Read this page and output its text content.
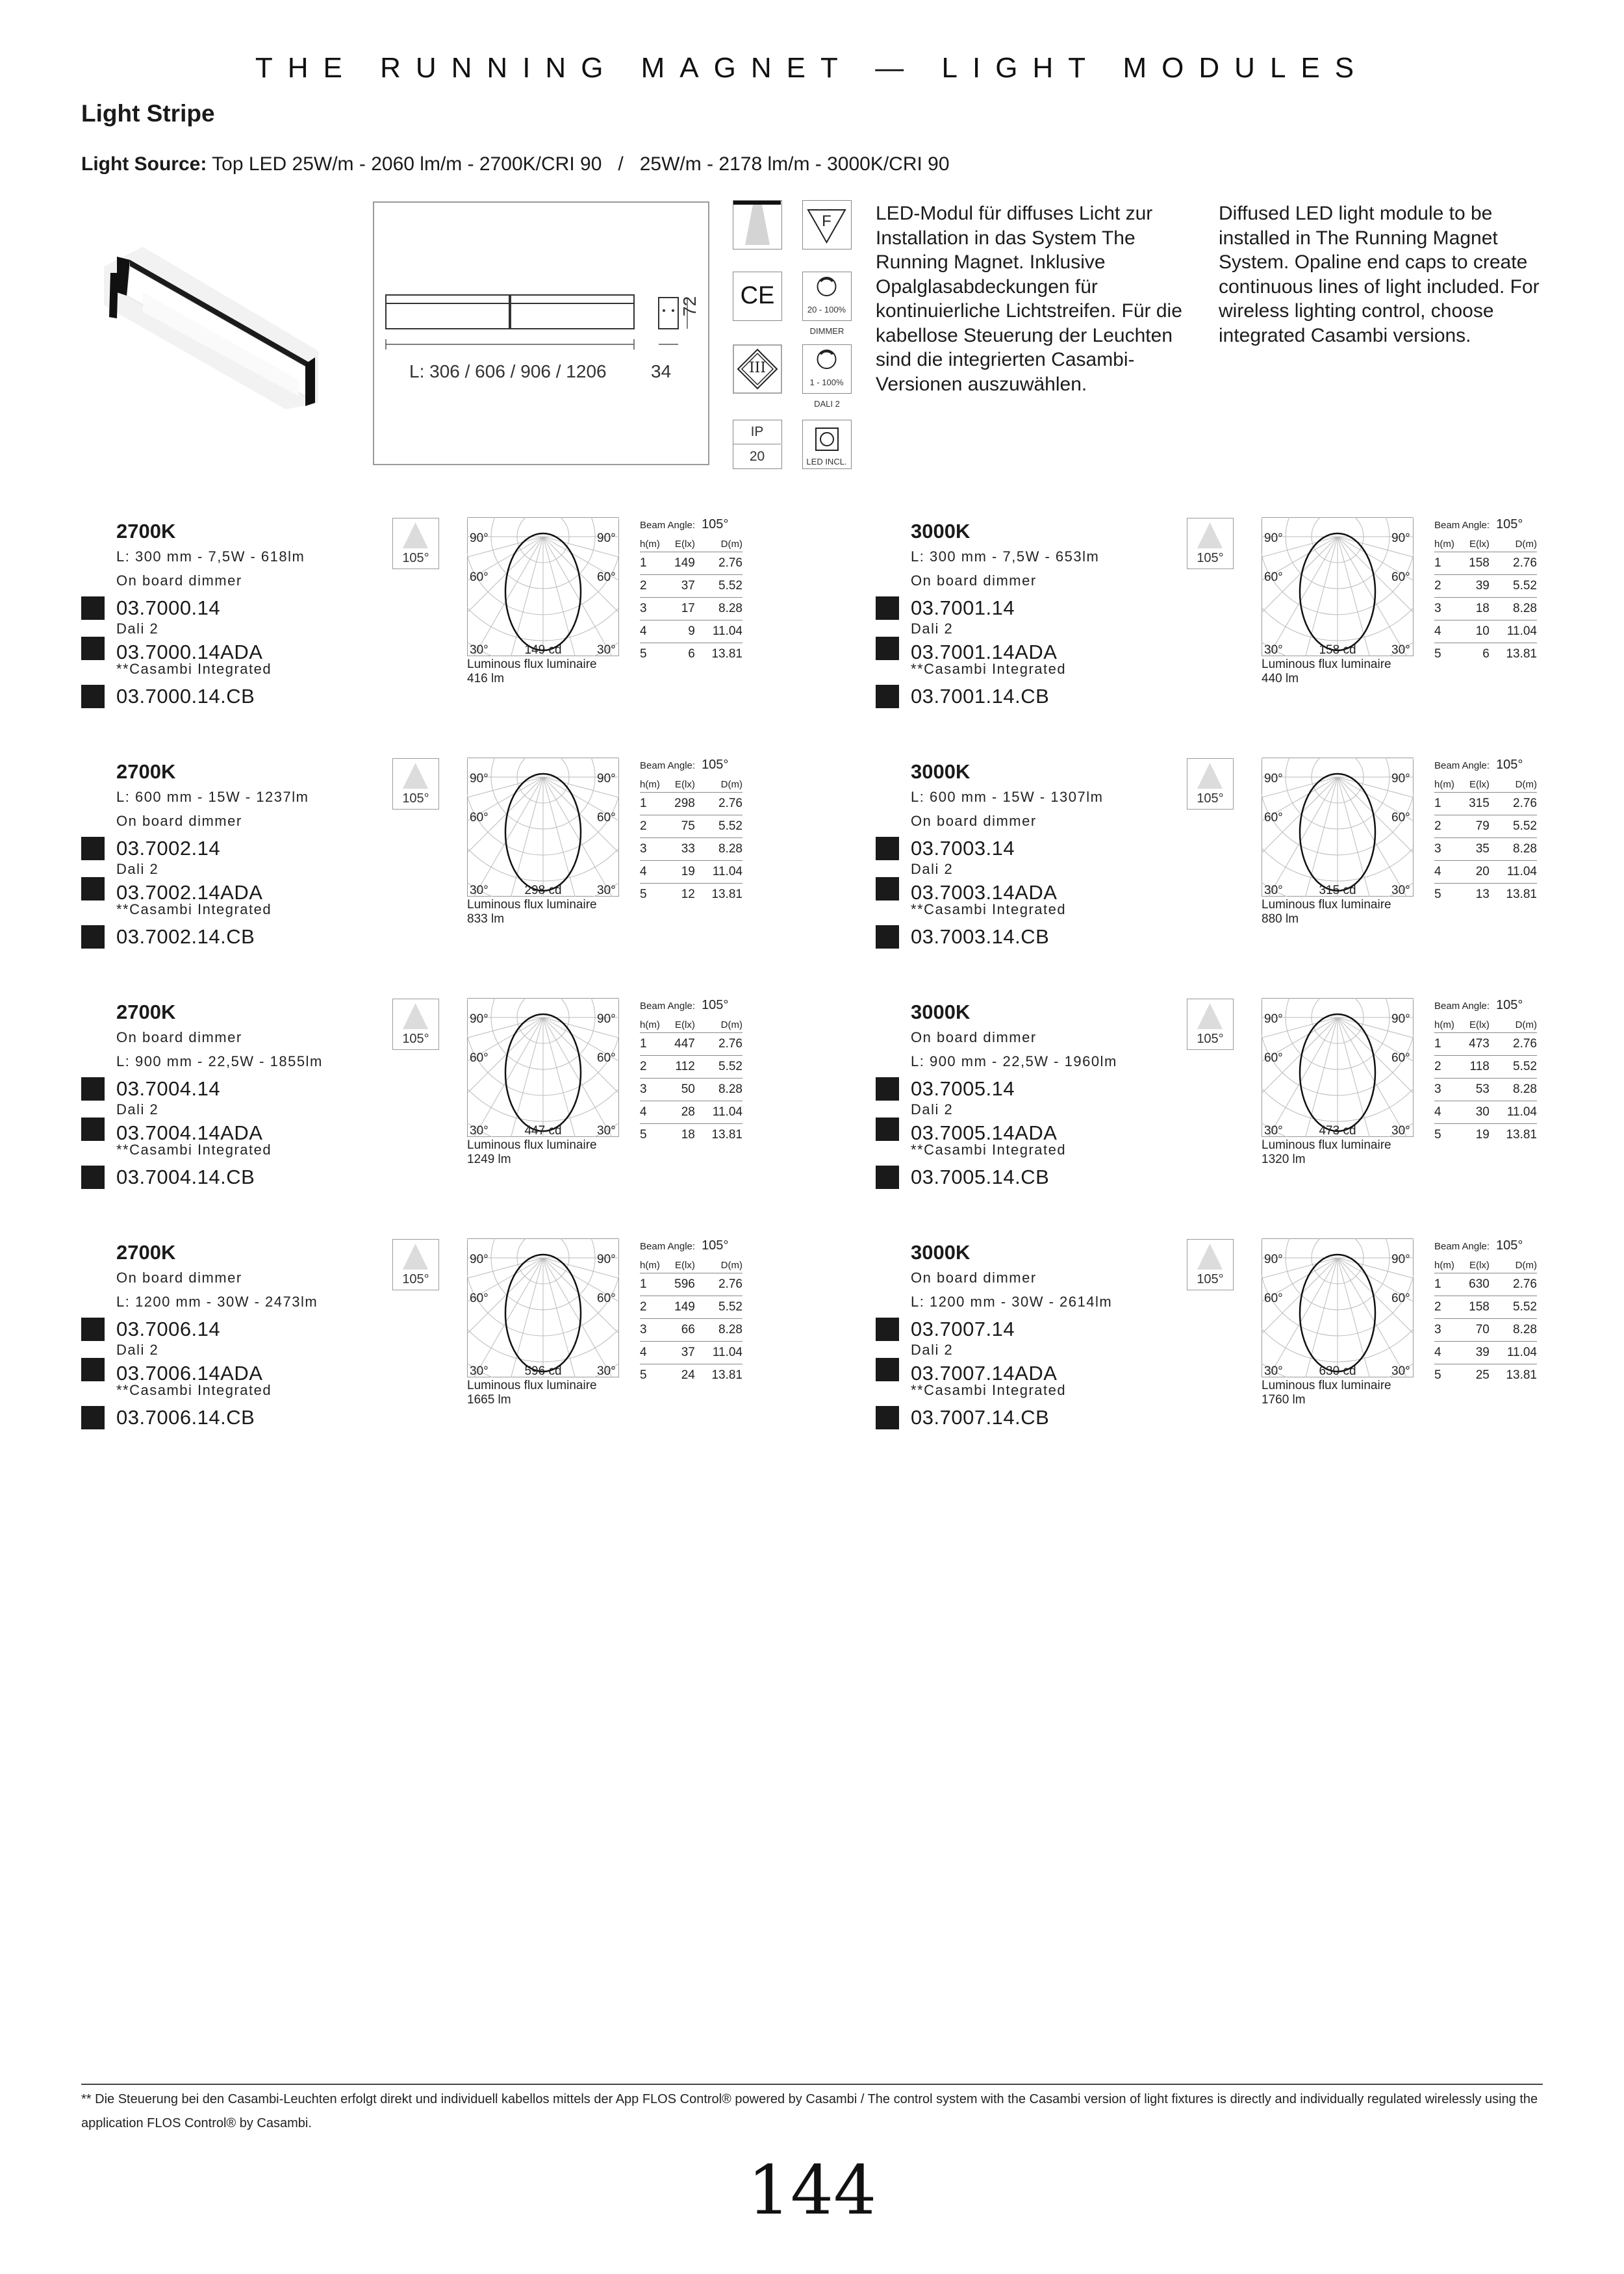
THE RUNNING MAGNET — LIGHT MODULES
Light Stripe
Light Source: Top LED 25W/m - 2060 lm/m - 2700K/CRI 90   /   25W/m - 2178 lm/m - 3000K/CRI 90
L: 306 / 606 / 906 / 1206 34
72
F
CE
20 - 100%
DIMMER
III
1 - 100%
DALI 2
IP
20	LED INCL.
LED-Modul für diffuses Licht zur Installation in das System The Running Magnet. Inklusive Opalglasabdeckungen für kontinuierliche Lichtstreifen. Für die kabellose Steuerung der Leuchten sind die integrierten Casambi-Versionen auszuwählen.
Diffused LED light module to be installed in The Running Magnet System. Opaline end caps to create continuous lines of light included. For wireless lighting control, choose integrated Casambi versions.
2700K
L: 300 mm - 7,5W - 618lm
On board dimmer
03.7000.14
Dali 2
03.7000.14ADA
**Casambi Integrated
03.7000.14.CB
105°
90°	90°
60°	60°
30°	30°
149 cd
Luminous flux luminaire
416 lm
Beam Angle: 105°
h(m)	E(lx)	D(m)
1	149	2.76
2	37	5.52
3	17	8.28
4	9	11.04
5	6	13.81
3000K
L: 300 mm - 7,5W - 653lm
On board dimmer
03.7001.14
Dali 2
03.7001.14ADA
**Casambi Integrated
03.7001.14.CB
105°
90°	90°
60°	60°
30°	30°
158 cd
Luminous flux luminaire
440 lm
Beam Angle: 105°
h(m)	E(lx)	D(m)
1	158	2.76
2	39	5.52
3	18	8.28
4	10	11.04
5	6	13.81
2700K
L: 600 mm - 15W - 1237lm
On board dimmer
03.7002.14
Dali 2
03.7002.14ADA
**Casambi Integrated
03.7002.14.CB
105°
90°	90°
60°	60°
30°	30°
298 cd
Luminous flux luminaire
833 lm
Beam Angle: 105°
h(m)	E(lx)	D(m)
1	298	2.76
2	75	5.52
3	33	8.28
4	19	11.04
5	12	13.81
3000K
L: 600 mm - 15W - 1307lm
On board dimmer
03.7003.14
Dali 2
03.7003.14ADA
**Casambi Integrated
03.7003.14.CB
105°
90°	90°
60°	60°
30°	30°
315 cd
Luminous flux luminaire
880 lm
Beam Angle: 105°
h(m)	E(lx)	D(m)
1	315	2.76
2	79	5.52
3	35	8.28
4	20	11.04
5	13	13.81
2700K
On board dimmer
L: 900 mm - 22,5W - 1855lm
03.7004.14
Dali 2
03.7004.14ADA
**Casambi Integrated
03.7004.14.CB
105°
90°	90°
60°	60°
30°	30°
447 cd
Luminous flux luminaire
1249 lm
Beam Angle: 105°
h(m)	E(lx)	D(m)
1	447	2.76
2	112	5.52
3	50	8.28
4	28	11.04
5	18	13.81
3000K
On board dimmer
L: 900 mm - 22,5W - 1960lm
03.7005.14
Dali 2
03.7005.14ADA
**Casambi Integrated
03.7005.14.CB
105°
90°	90°
60°	60°
30°	30°
473 cd
Luminous flux luminaire
1320 lm
Beam Angle: 105°
h(m)	E(lx)	D(m)
1	473	2.76
2	118	5.52
3	53	8.28
4	30	11.04
5	19	13.81
2700K
On board dimmer
L: 1200 mm - 30W - 2473lm
03.7006.14
Dali 2
03.7006.14ADA
**Casambi Integrated
03.7006.14.CB
105°
90°	90°
60°	60°
30°	30°
596 cd
Luminous flux luminaire
1665 lm
Beam Angle: 105°
h(m)	E(lx)	D(m)
1	596	2.76
2	149	5.52
3	66	8.28
4	37	11.04
5	24	13.81
3000K
On board dimmer
L: 1200 mm - 30W - 2614lm
03.7007.14
Dali 2
03.7007.14ADA
**Casambi Integrated
03.7007.14.CB
105°
90°	90°
60°	60°
30°	30°
630 cd
Luminous flux luminaire
1760 lm
Beam Angle: 105°
h(m)	E(lx)	D(m)
1	630	2.76
2	158	5.52
3	70	8.28
4	39	11.04
5	25	13.81
** Die Steuerung bei den Casambi-Leuchten erfolgt direkt und individuell kabellos mittels der App FLOS Control® powered by Casambi / The control system with the Casambi version of light fixtures is directly and individually regulated wirelessly using the application FLOS Control® by Casambi.
144
